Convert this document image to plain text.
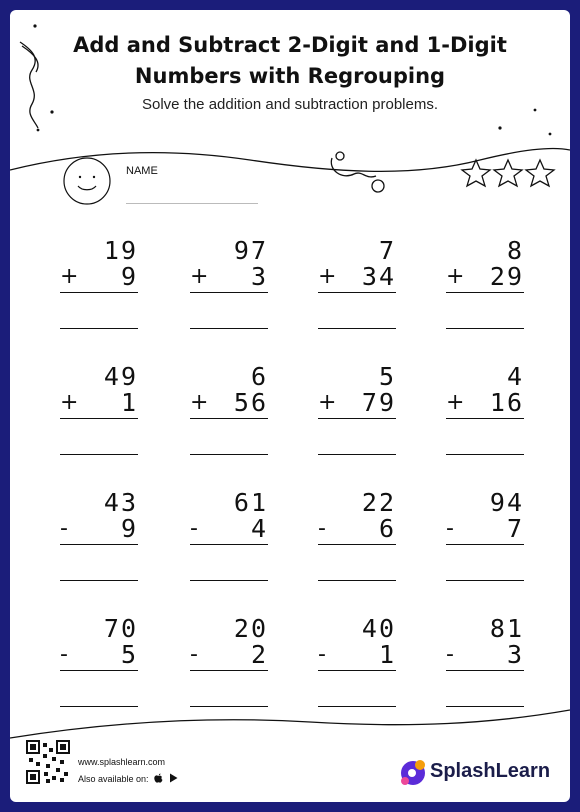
Add and Subtract 2-Digit and 1-Digit
Numbers with Regrouping
Solve the addition and subtraction problems.
NAME
19
+ 9
97
+ 3
7
+ 34
8
+ 29
49
+ 1
6
+ 56
5
+ 79
4
+ 16
43
- 9
61
- 4
22
- 6
94
- 7
70
- 5
20
- 2
40
- 1
81
- 3
www.splashlearn.com
Also available on:	SplashLearn
